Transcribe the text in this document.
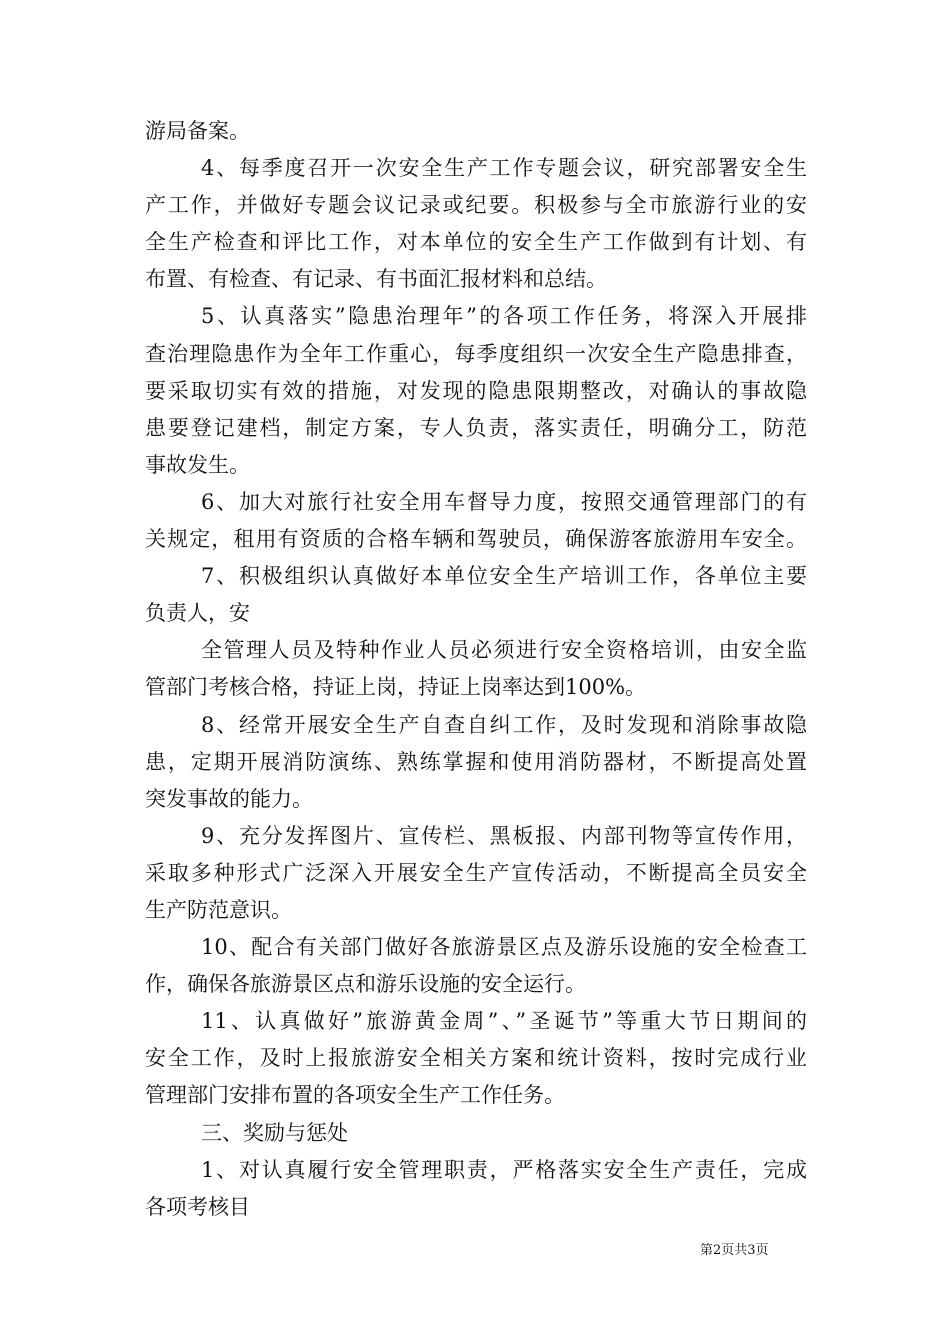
游局备案。
4、每季度召开一次安全生产工作专题会议，研究部署安全生
产工作，并做好专题会议记录或纪要。积极参与全市旅游行业的安
全生产检查和评比工作，对本单位的安全生产工作做到有计划、有
布置、有检查、有记录、有书面汇报材料和总结。
5、认真落实”隐患治理年”的各项工作任务，将深入开展排
查治理隐患作为全年工作重心，每季度组织一次安全生产隐患排查，
要采取切实有效的措施，对发现的隐患限期整改，对确认的事故隐
患要登记建档，制定方案，专人负责，落实责任，明确分工，防范
事故发生。
6、加大对旅行社安全用车督导力度，按照交通管理部门的有
关规定，租用有资质的合格车辆和驾驶员，确保游客旅游用车安全。
7、积极组织认真做好本单位安全生产培训工作，各单位主要
负责人，安
全管理人员及特种作业人员必须进行安全资格培训，由安全监
管部门考核合格，持证上岗，持证上岗率达到100%。
8、经常开展安全生产自查自纠工作，及时发现和消除事故隐
患，定期开展消防演练、熟练掌握和使用消防器材，不断提高处置
突发事故的能力。
9、充分发挥图片、宣传栏、黑板报、内部刊物等宣传作用，
采取多种形式广泛深入开展安全生产宣传活动，不断提高全员安全
生产防范意识。
10、配合有关部门做好各旅游景区点及游乐设施的安全检查工
作，确保各旅游景区点和游乐设施的安全运行。
11、认真做好”旅游黄金周”、”圣诞节”等重大节日期间的
安全工作，及时上报旅游安全相关方案和统计资料，按时完成行业
管理部门安排布置的各项安全生产工作任务。
三、奖励与惩处
1、对认真履行安全管理职责，严格落实安全生产责任，完成
各项考核目
第2页共3页
